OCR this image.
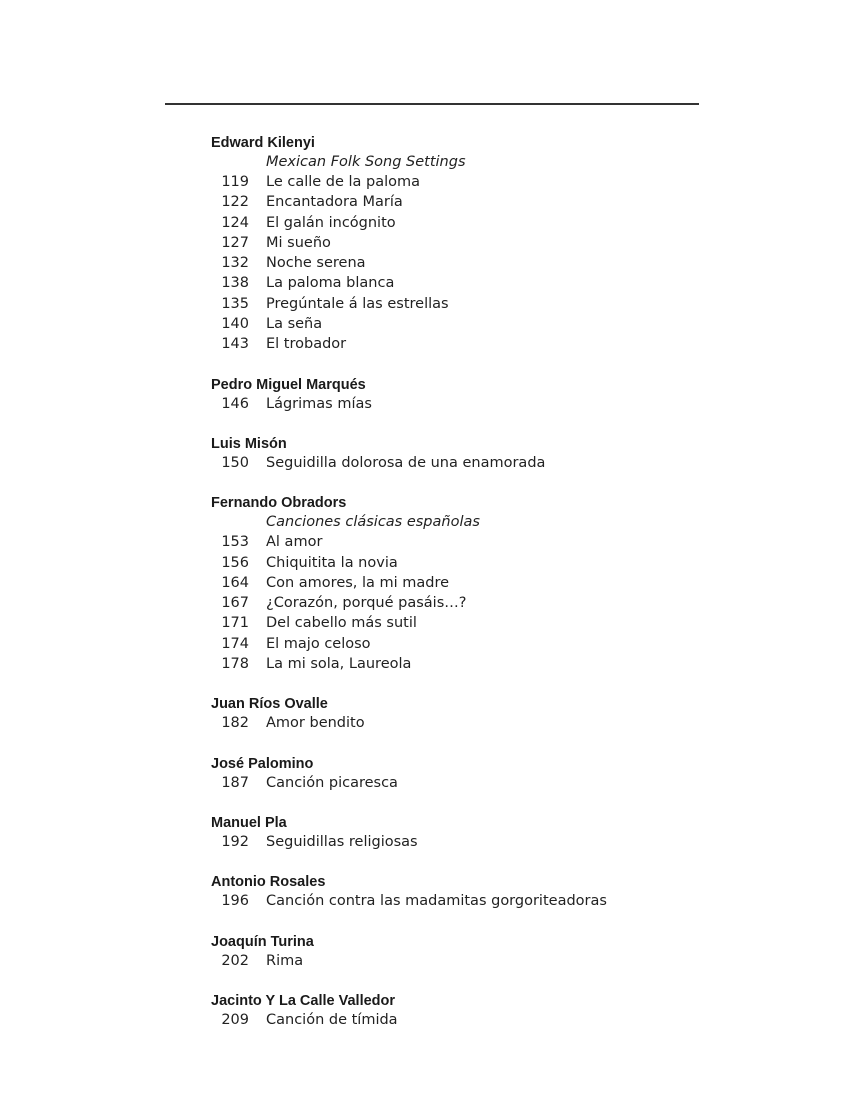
Edward Kilenyi
Mexican Folk Song Settings
119	Le calle de la paloma
122	Encantadora María
124	El galán incógnito
127	Mi sueño
132	Noche serena
138	La paloma blanca
135	Pregúntale á las estrellas
140	La seña
143	El trobador
Pedro Miguel Marqués
146	Lágrimas mías
Luis Misón
150	Seguidilla dolorosa de una enamorada
Fernando Obradors
Canciones clásicas españolas
153	Al amor
156	Chiquitita la novia
164	Con amores, la mi madre
167	¿Corazón, porqué pasáis…?
171	Del cabello más sutil
174	El majo celoso
178	La mi sola, Laureola
Juan Ríos Ovalle
182	Amor bendito
José Palomino
187	Canción picaresca
Manuel Pla
192	Seguidillas religiosas
Antonio Rosales
196	Canción contra las madamitas gorgoriteadoras
Joaquín Turina
202	Rima
Jacinto Y La Calle Valledor
209	Canción de tímida
